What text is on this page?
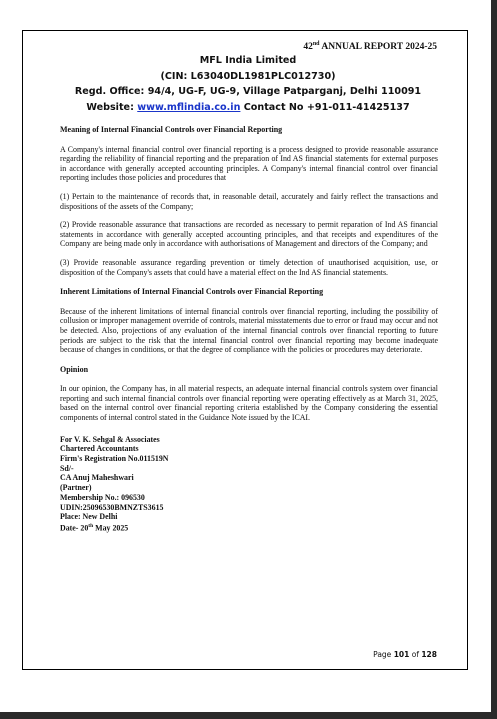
42nd ANNUAL REPORT 2024-25
MFL India Limited
(CIN: L63040DL1981PLC012730)
Regd. Office: 94/4, UG-F, UG-9, Village Patparganj, Delhi 110091
Website: www.mflindia.co.in Contact No +91-011-41425137
Meaning of Internal Financial Controls over Financial Reporting

A Company's internal financial control over financial reporting is a process designed to provide reasonable assurance regarding the reliability of financial reporting and the preparation of Ind AS financial statements for external purposes in accordance with generally accepted accounting principles. A Company's internal financial control over financial reporting includes those policies and procedures that

(1) Pertain to the maintenance of records that, in reasonable detail, accurately and fairly reflect the transactions and dispositions of the assets of the Company;

(2) Provide reasonable assurance that transactions are recorded as necessary to permit reparation of Ind AS financial statements in accordance with generally accepted accounting principles, and that receipts and expenditures of the Company are being made only in accordance with authorisations of Management and directors of the Company; and

(3) Provide reasonable assurance regarding prevention or timely detection of unauthorised acquisition, use, or disposition of the Company's assets that could have a material effect on the Ind AS financial statements.

Inherent Limitations of Internal Financial Controls over Financial Reporting

Because of the inherent limitations of internal financial controls over financial reporting, including the possibility of collusion or improper management override of controls, material misstatements due to error or fraud may occur and not be detected. Also, projections of any evaluation of the internal financial controls over financial reporting to future periods are subject to the risk that the internal financial control over financial reporting may become inadequate because of changes in conditions, or that the degree of compliance with the policies or procedures may deteriorate.

Opinion

In our opinion, the Company has, in all material respects, an adequate internal financial controls system over financial reporting and such internal financial controls over financial reporting were operating effectively as at March 31, 2025, based on the internal control over financial reporting criteria established by the Company considering the essential components of internal control stated in the Guidance Note issued by the ICAI.

For V. K. Sehgal & Associates
Chartered Accountants
Firm's Registration No.011519N
Sd/-
CA Anuj Maheshwari
(Partner)
Membership No.: 096530
UDIN:25096530BMNZTS3615
Place: New Delhi
Date- 20th May 2025
Page 101 of 128
